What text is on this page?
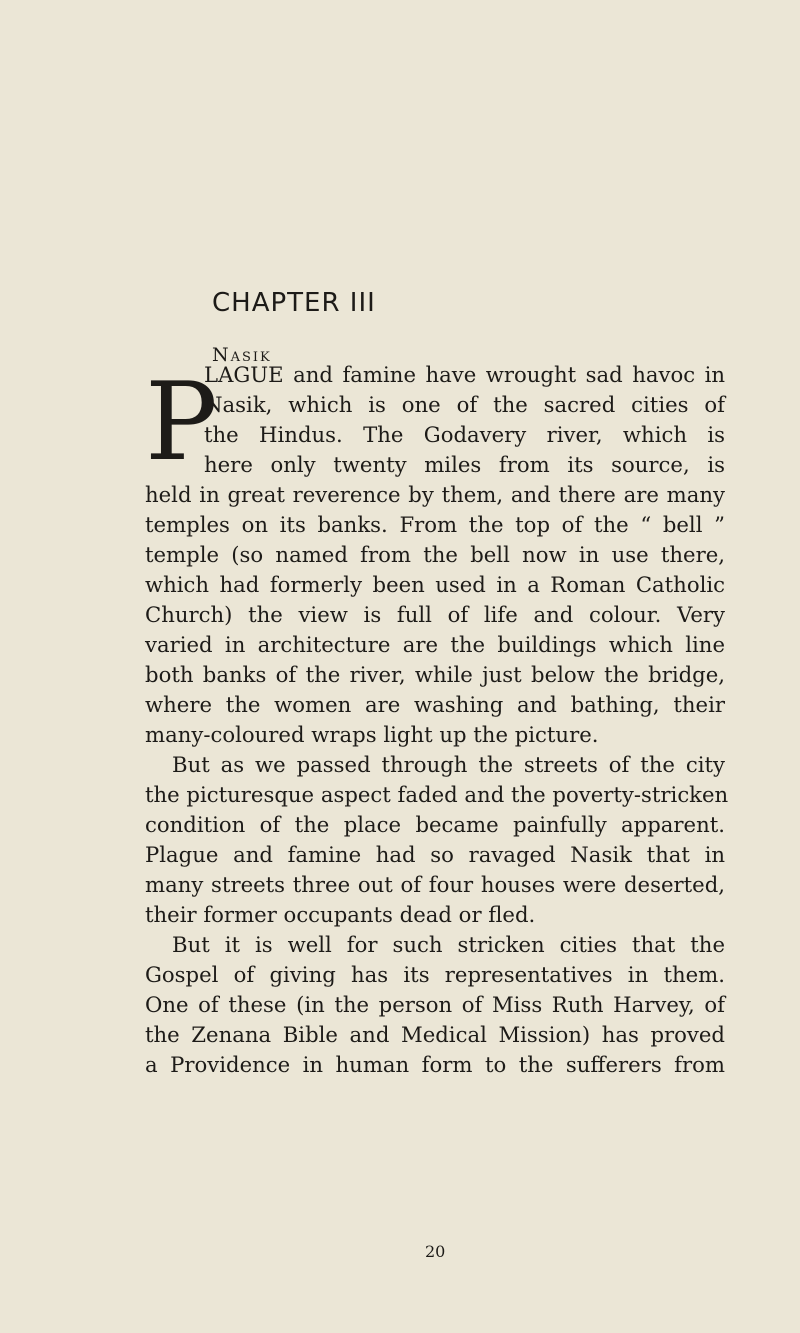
CHAPTER III
Nasik
P
LAGUE and famine have wrought sad havoc in
Nasik, which is one of the sacred cities of
the Hindus. The Godavery river, which is
here only twenty miles from its source, is
held in great reverence by them, and there are many
temples on its banks. From the top of the “ bell ”
temple (so named from the bell now in use there,
which had formerly been used in a Roman Catholic
Church) the view is full of life and colour. Very
varied in architecture are the buildings which line
both banks of the river, while just below the bridge,
where the women are washing and bathing, their
many-coloured wraps light up the picture.
But as we passed through the streets of the city
the picturesque aspect faded and the poverty-stricken
condition of the place became painfully apparent.
Plague and famine had so ravaged Nasik that in
many streets three out of four houses were deserted,
their former occupants dead or fled.
But it is well for such stricken cities that the
Gospel of giving has its representatives in them.
One of these (in the person of Miss Ruth Harvey, of
the Zenana Bible and Medical Mission) has proved
a Providence in human form to the sufferers from
20
